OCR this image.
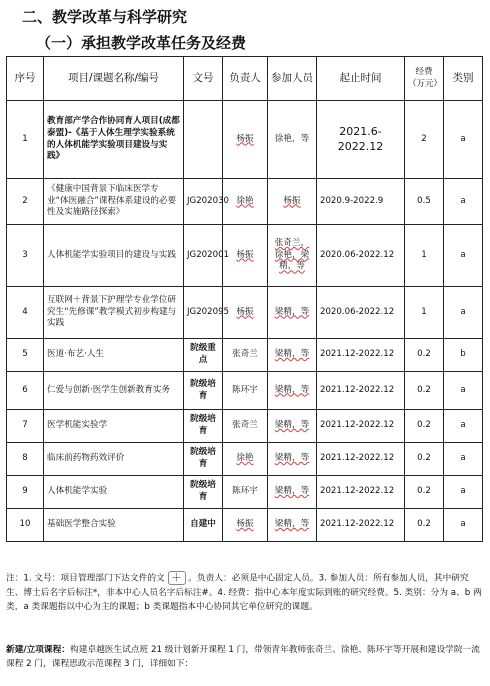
二、教学改革与科学研究
（一）承担教学改革任务及经费
序号	项目/课题名称/编号	文号	负责人	参加人员	起止时间	经费（万元）	类别
1	教育部产学合作协同育人项目(成都泰盟)-《基于人体生理学实验系统的人体机能学实验项目建设与实践》		杨振	徐艳，等	2021.6-2022.12	2	a
2	《健康中国背景下临床医学专业“体医融合”课程体系建设的必要性及实施路径探索》	JG202030	徐艳	杨振	2020.9-2022.9	0.5	a
3	人体机能学实验项目的建设与实践	JG202001	杨振	张奇兰，徐艳，梁精，等	2020.06-2022.12	1	a
4	互联网＋背景下护理学专业学位研究生“先修课”教学模式初步构建与实践	JG202095	杨振	梁精，等	2020.06-2022.12	1	a
5	医道·布艺·人生	院级重点	张奇兰	梁精，等	2021.12-2022.12	0.2	b
6	仁爱与创新·医学生创新教育实务	院级培育	陈环宇	梁精，等	2021.12-2022.12	0.2	a
7	医学机能实验学	院级培育	张奇兰	梁精，等	2021.12-2022.12	0.2	a
8	临床前药物药效评价	院级培育	徐艳	梁精，等	2021.12-2022.12	0.2	a
9	人体机能学实验	院级培育	陈环宇	梁精，等	2021.12-2022.12	0.2	a
10	基础医学整合实验	自建中	杨振	梁精，等	2021.12-2022.12	0.2	a
注：1. 文号：项目管理部门下达文件的文 ＋ 。负责人：必须是中心固定人员。3. 参加人员：所有参加人员，其中研究生、博士后名字后标注*，非本中心人员名字后标注#。4. 经费：指中心本年度实际到账的研究经费。5. 类别：分为 a、b 两类，a 类课题指以中心为主的课题；b 类课题指本中心协同其它单位研究的课题。
新建/立项课程：构建卓越医生试点班 21 级计划新开课程 1 门，带领青年教师张奇兰、徐艳、陈环宇等开展和建设学院一流课程 2 门，课程思政示范课程 3 门，详细如下：
